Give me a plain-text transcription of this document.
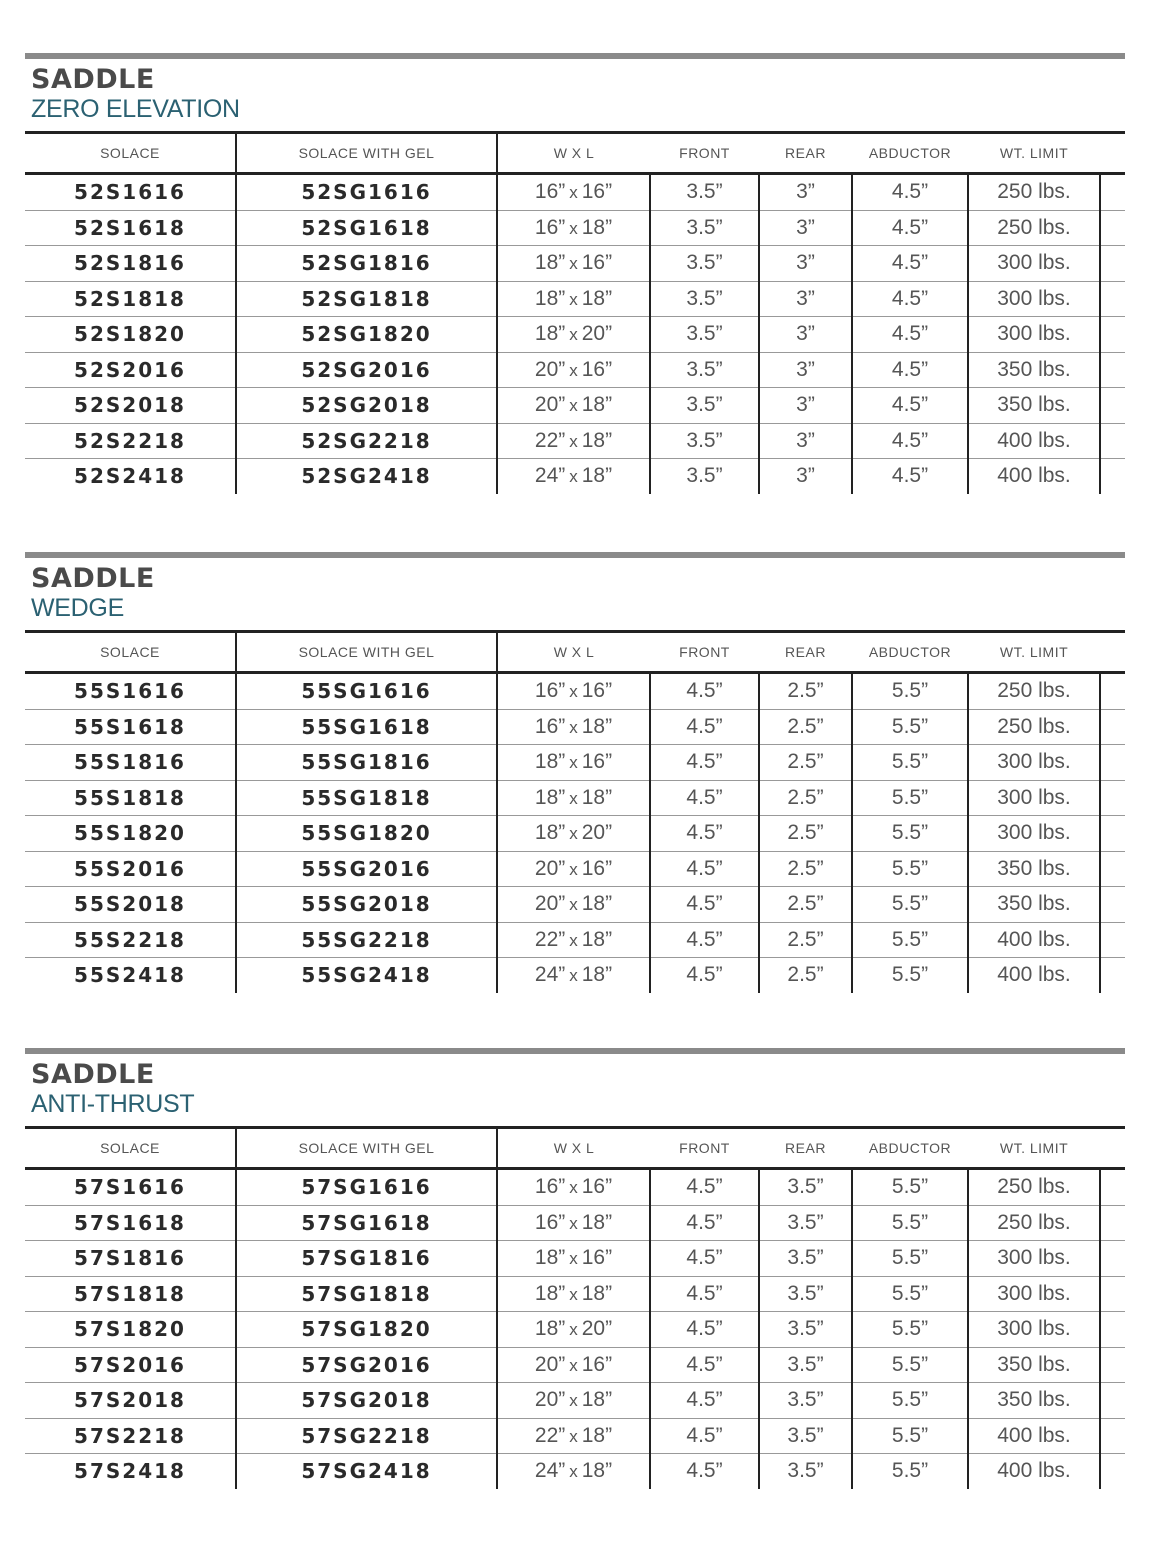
SADDLE
ZERO ELEVATION
SOLACE	SOLACE WITH GEL	W X L	FRONT	REAR	ABDUCTOR	WT. LIMIT	
52S1616	52SG1616	16” x 16”	3.5”	3”	4.5”	250 lbs.	
52S1618	52SG1618	16” x 18”	3.5”	3”	4.5”	250 lbs.	
52S1816	52SG1816	18” x 16”	3.5”	3”	4.5”	300 lbs.	
52S1818	52SG1818	18” x 18”	3.5”	3”	4.5”	300 lbs.	
52S1820	52SG1820	18” x 20”	3.5”	3”	4.5”	300 lbs.	
52S2016	52SG2016	20” x 16”	3.5”	3”	4.5”	350 lbs.	
52S2018	52SG2018	20” x 18”	3.5”	3”	4.5”	350 lbs.	
52S2218	52SG2218	22” x 18”	3.5”	3”	4.5”	400 lbs.	
52S2418	52SG2418	24” x 18”	3.5”	3”	4.5”	400 lbs.	
SADDLE
WEDGE
SOLACE	SOLACE WITH GEL	W X L	FRONT	REAR	ABDUCTOR	WT. LIMIT	
55S1616	55SG1616	16” x 16”	4.5”	2.5”	5.5”	250 lbs.	
55S1618	55SG1618	16” x 18”	4.5”	2.5”	5.5”	250 lbs.	
55S1816	55SG1816	18” x 16”	4.5”	2.5”	5.5”	300 lbs.	
55S1818	55SG1818	18” x 18”	4.5”	2.5”	5.5”	300 lbs.	
55S1820	55SG1820	18” x 20”	4.5”	2.5”	5.5”	300 lbs.	
55S2016	55SG2016	20” x 16”	4.5”	2.5”	5.5”	350 lbs.	
55S2018	55SG2018	20” x 18”	4.5”	2.5”	5.5”	350 lbs.	
55S2218	55SG2218	22” x 18”	4.5”	2.5”	5.5”	400 lbs.	
55S2418	55SG2418	24” x 18”	4.5”	2.5”	5.5”	400 lbs.	
SADDLE
ANTI-THRUST
SOLACE	SOLACE WITH GEL	W X L	FRONT	REAR	ABDUCTOR	WT. LIMIT	
57S1616	57SG1616	16” x 16”	4.5”	3.5”	5.5”	250 lbs.	
57S1618	57SG1618	16” x 18”	4.5”	3.5”	5.5”	250 lbs.	
57S1816	57SG1816	18” x 16”	4.5”	3.5”	5.5”	300 lbs.	
57S1818	57SG1818	18” x 18”	4.5”	3.5”	5.5”	300 lbs.	
57S1820	57SG1820	18” x 20”	4.5”	3.5”	5.5”	300 lbs.	
57S2016	57SG2016	20” x 16”	4.5”	3.5”	5.5”	350 lbs.	
57S2018	57SG2018	20” x 18”	4.5”	3.5”	5.5”	350 lbs.	
57S2218	57SG2218	22” x 18”	4.5”	3.5”	5.5”	400 lbs.	
57S2418	57SG2418	24” x 18”	4.5”	3.5”	5.5”	400 lbs.	
